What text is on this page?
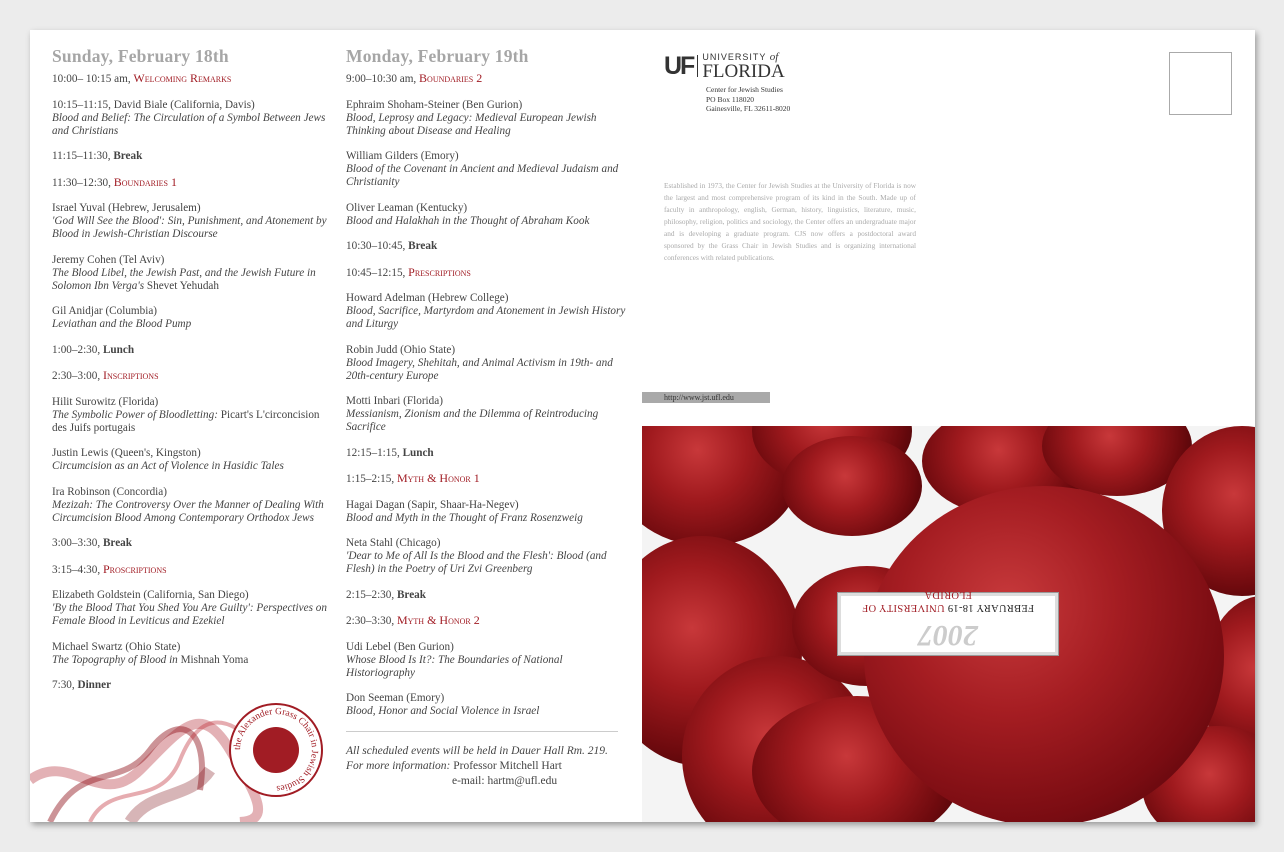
Sunday, February 18th
10:00– 10:15 am, Welcoming Remarks
10:15–11:15, David Biale (California, Davis)
Blood and Belief: The Circulation of a Symbol Between Jews and Christians
11:15–11:30, Break
11:30–12:30, Boundaries 1
Israel Yuval (Hebrew, Jerusalem)
'God Will See the Blood': Sin, Punishment, and Atonement by Blood in Jewish-Christian Discourse
Jeremy Cohen (Tel Aviv)
The Blood Libel, the Jewish Past, and the Jewish Future in Solomon Ibn Verga's Shevet Yehudah
Gil Anidjar (Columbia)
Leviathan and the Blood Pump
1:00–2:30, Lunch
2:30–3:00, Inscriptions
Hilit Surowitz (Florida)
The Symbolic Power of Bloodletting: Picart's L'circoncision des Juifs portugais
Justin Lewis (Queen's, Kingston)
Circumcision as an Act of Violence in Hasidic Tales
Ira Robinson (Concordia)
Mezizah: The Controversy Over the Manner of Dealing With Circumcision Blood Among Contemporary Orthodox Jews
3:00–3:30, Break
3:15–4:30, Proscriptions
Elizabeth Goldstein (California, San Diego)
'By the Blood That You Shed You Are Guilty': Perspectives on Female Blood in Leviticus and Ezekiel
Michael Swartz (Ohio State)
The Topography of Blood in Mishnah Yoma
7:30, Dinner
Monday, February 19th
9:00–10:30 am, Boundaries 2
Ephraim Shoham-Steiner (Ben Gurion)
Blood, Leprosy and Legacy: Medieval European Jewish Thinking about Disease and Healing
William Gilders (Emory)
Blood of the Covenant in Ancient and Medieval Judaism and Christianity
Oliver Leaman (Kentucky)
Blood and Halakhah in the Thought of Abraham Kook
10:30–10:45, Break
10:45–12:15, Prescriptions
Howard Adelman (Hebrew College)
Blood, Sacrifice, Martyrdom and Atonement in Jewish History and Liturgy
Robin Judd (Ohio State)
Blood Imagery, Shehitah, and Animal Activism in 19th- and 20th-century Europe
Motti Inbari (Florida)
Messianism, Zionism and the Dilemma of Reintroducing Sacrifice
12:15–1:15, Lunch
1:15–2:15, Myth & Honor 1
Hagai Dagan (Sapir, Shaar-Ha-Negev)
Blood and Myth in the Thought of Franz Rosenzweig
Neta Stahl (Chicago)
'Dear to Me of All Is the Blood and the Flesh': Blood (and Flesh) in the Poetry of Uri Zvi Greenberg
2:15–2:30, Break
2:30–3:30, Myth & Honor 2
Udi Lebel (Ben Gurion)
Whose Blood Is It?: The Boundaries of National Historiography
Don Seeman (Emory)
Blood, Honor and Social Violence in Israel
All scheduled events will be held in Dauer Hall Rm. 219.
For more information: Professor Mitchell Hart
e-mail: hartm@ufl.edu
the Alexander Grass Chair in Jewish Studies
UF	UNIVERSITY of
FLORIDA
Center for Jewish Studies
PO Box 118020
Gainesville, FL 32611-8020
Established in 1973, the Center for Jewish Studies at the University of Florida is now the largest and most comprehensive program of its kind in the South. Made up of faculty in anthropology, english, German, history, linguistics, literature, music, philosophy, religion, politics and sociology, the Center offers an undergraduate major and is developing a graduate program. CJS now offers a postdoctoral award sponsored by the Grass Chair in Jewish Studies and is organizing international conferences with related publications.
http://www.jst.ufl.edu
2007
FEBRUARY 18-19 UNIVERSITY OF FLORIDA
